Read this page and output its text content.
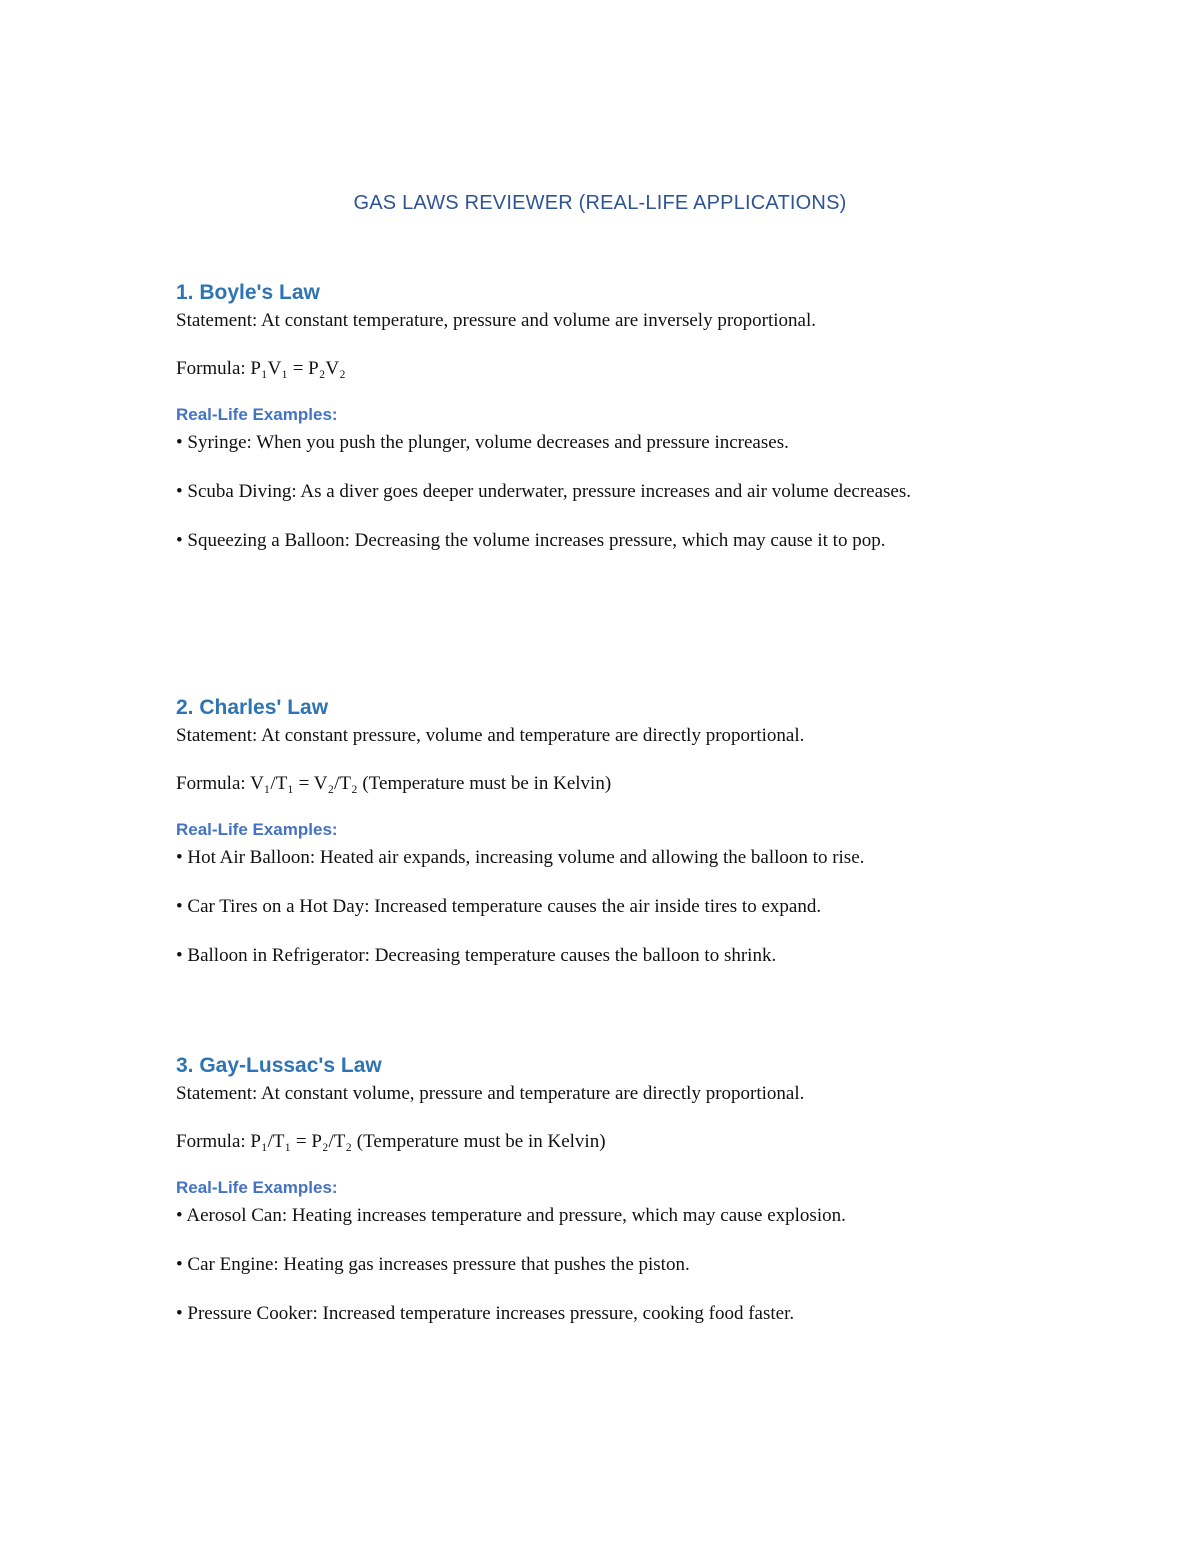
GAS LAWS REVIEWER (REAL-LIFE APPLICATIONS)
1. Boyle's Law

Statement: At constant temperature, pressure and volume are inversely proportional.

Formula: P₁V₁ = P₂V₂

Real-Life Examples:
• Syringe: When you push the plunger, volume decreases and pressure increases.
• Scuba Diving: As a diver goes deeper underwater, pressure increases and air volume decreases.
• Squeezing a Balloon: Decreasing the volume increases pressure, which may cause it to pop.
2. Charles' Law

Statement: At constant pressure, volume and temperature are directly proportional.

Formula: V₁/T₁ = V₂/T₂ (Temperature must be in Kelvin)

Real-Life Examples:
• Hot Air Balloon: Heated air expands, increasing volume and allowing the balloon to rise.
• Car Tires on a Hot Day: Increased temperature causes the air inside tires to expand.
• Balloon in Refrigerator: Decreasing temperature causes the balloon to shrink.
3. Gay-Lussac's Law

Statement: At constant volume, pressure and temperature are directly proportional.

Formula: P₁/T₁ = P₂/T₂ (Temperature must be in Kelvin)

Real-Life Examples:
• Aerosol Can: Heating increases temperature and pressure, which may cause explosion.
• Car Engine: Heating gas increases pressure that pushes the piston.
• Pressure Cooker: Increased temperature increases pressure, cooking food faster.
